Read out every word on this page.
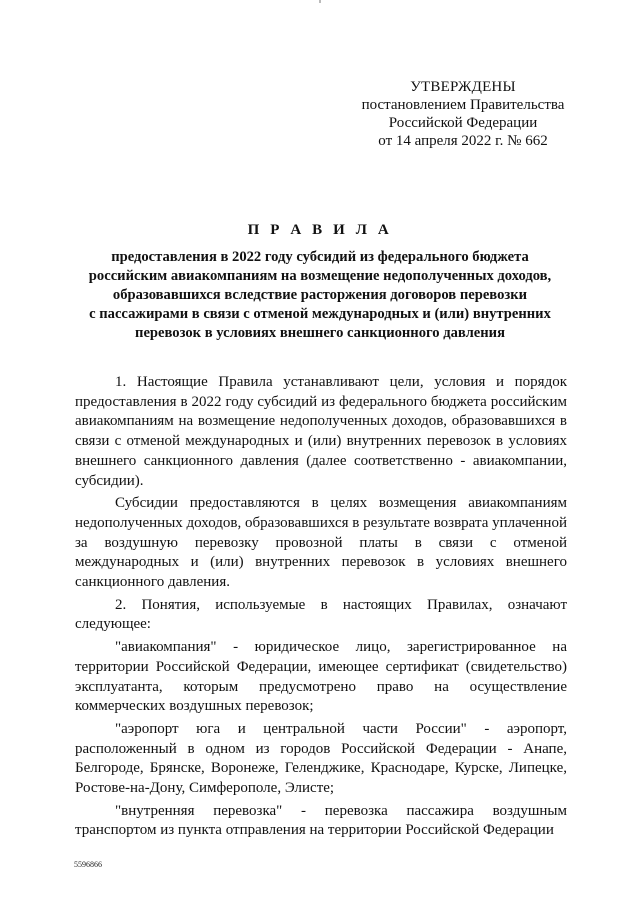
УТВЕРЖДЕНЫ
постановлением Правительства
Российской Федерации
от 14 апреля 2022 г. № 662
П Р А В И Л А
предоставления в 2022 году субсидий из федерального бюджета
российским авиакомпаниям на возмещение недополученных доходов,
образовавшихся вследствие расторжения договоров перевозки
с пассажирами в связи с отменой международных и (или) внутренних
перевозок в условиях внешнего санкционного давления

1. Настоящие Правила устанавливают цели, условия и порядок предоставления в 2022 году субсидий из федерального бюджета российским авиакомпаниям на возмещение недополученных доходов, образовавшихся в связи с отменой международных и (или) внутренних перевозок в условиях внешнего санкционного давления (далее соответственно - авиакомпании, субсидии).

Субсидии предоставляются в целях возмещения авиакомпаниям недополученных доходов, образовавшихся в результате возврата уплаченной за воздушную перевозку провозной платы в связи с отменой международных и (или) внутренних перевозок в условиях внешнего санкционного давления.

2. Понятия, используемые в настоящих Правилах, означают следующее:

"авиакомпания" - юридическое лицо, зарегистрированное на территории Российской Федерации, имеющее сертификат (свидетельство) эксплуатанта, которым предусмотрено право на осуществление коммерческих воздушных перевозок;

"аэропорт юга и центральной части России" - аэропорт, расположенный в одном из городов Российской Федерации - Анапе, Белгороде, Брянске, Воронеже, Геленджике, Краснодаре, Курске, Липецке, Ростове-на-Дону, Симферополе, Элисте;

"внутренняя перевозка" - перевозка пассажира воздушным транспортом из пункта отправления на территории Российской Федерации

5596866
